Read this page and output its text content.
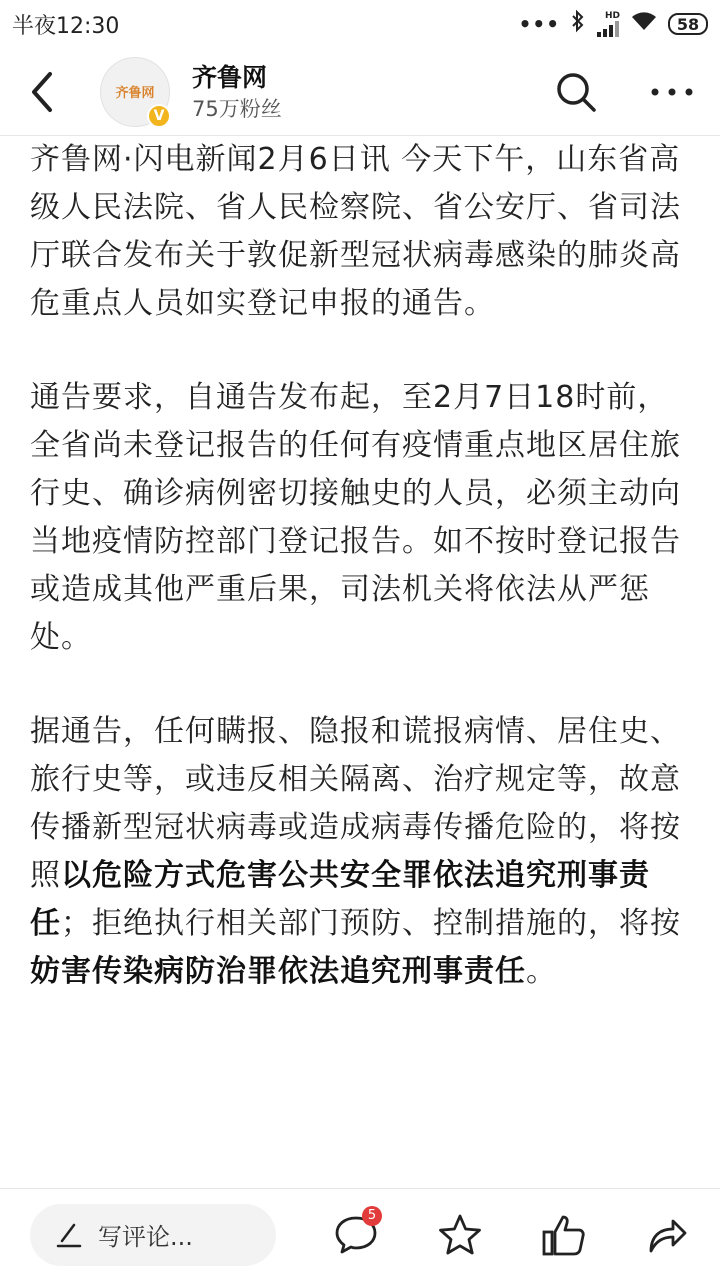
半夜12:30	•••	HD	58
齐鲁网
V
齐鲁网
75万粉丝

齐鲁网·闪电新闻2月6日讯 今天下午，山东省高级人民法院、省人民检察院、省公安厅、省司法厅联合发布关于敦促新型冠状病毒感染的肺炎高危重点人员如实登记申报的通告。

通告要求，自通告发布起，至2月7日18时前，全省尚未登记报告的任何有疫情重点地区居住旅行史、确诊病例密切接触史的人员，必须主动向当地疫情防控部门登记报告。如不按时登记报告或造成其他严重后果，司法机关将依法从严惩处。

据通告，任何瞒报、隐报和谎报病情、居住史、旅行史等，或违反相关隔离、治疗规定等，故意传播新型冠状病毒或造成病毒传播危险的，将按照以危险方式危害公共安全罪依法追究刑事责任；拒绝执行相关部门预防、控制措施的，将按妨害传染病防治罪依法追究刑事责任。

写评论...
5
